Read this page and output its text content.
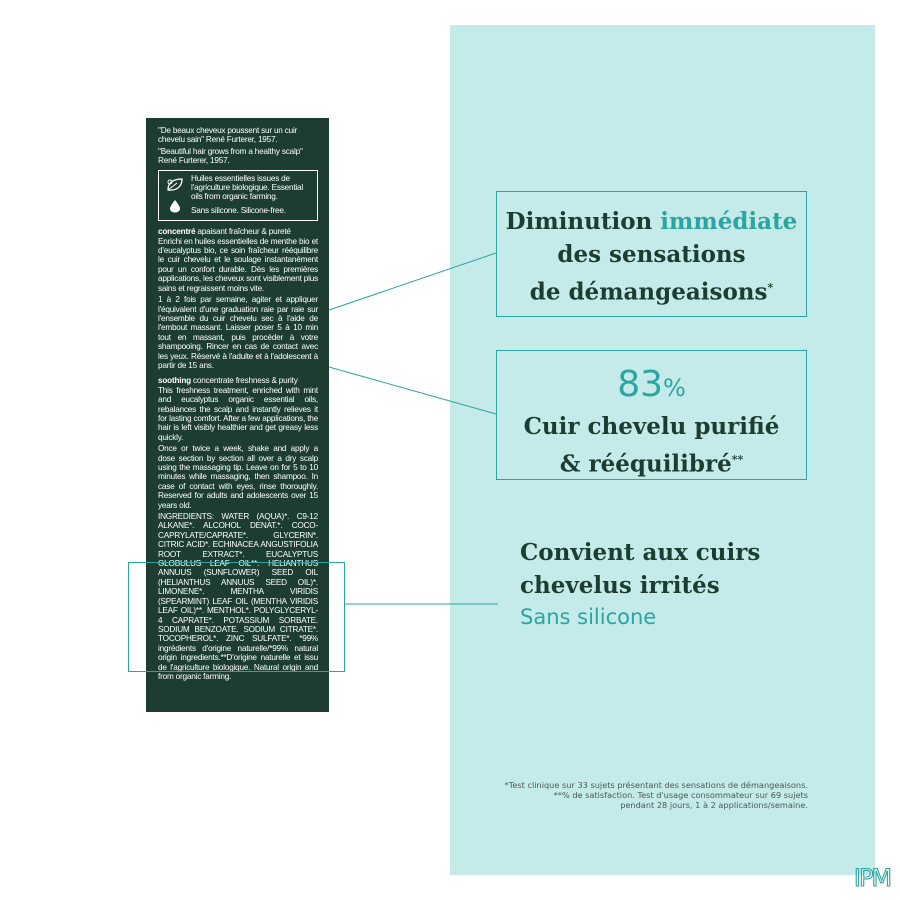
"De beaux cheveux poussent sur un cuir chevelu sain" René Furterer, 1957.

"Beautiful hair grows from a healthy scalp" René Furterer, 1957.

Huiles essentielles issues de l'agriculture biologique. Essential oils from organic farming.

Sans silicone. Silicone-free.

concentré apaisant fraîcheur & pureté
Enrichi en huiles essentielles de menthe bio et d'eucalyptus bio, ce soin fraîcheur rééquilibre le cuir chevelu et le soulage instantanément pour un confort durable. Dès les premières applications, les cheveux sont visiblement plus sains et regraissent moins vite.

1 à 2 fois par semaine, agiter et appliquer l'équivalent d'une graduation raie par raie sur l'ensemble du cuir chevelu sec à l'aide de l'embout massant. Laisser poser 5 à 10 min tout en massant, puis procéder à votre shampooing. Rincer en cas de contact avec les yeux. Réservé à l'adulte et à l'adolescent à partir de 15 ans.

soothing concentrate freshness & purity
This freshness treatment, enriched with mint and eucalyptus organic essential oils, rebalances the scalp and instantly relieves it for lasting comfort. After a few applications, the hair is left visibly healthier and get greasy less quickly.

Once or twice a week, shake and apply a dose section by section all over a dry scalp using the massaging tip. Leave on for 5 to 10 minutes while massaging, then shampoo. In case of contact with eyes, rinse thoroughly. Reserved for adults and adolescents over 15 years old.

INGREDIENTS: WATER (AQUA)*. C9-12 ALKANE*. ALCOHOL DENAT.*. COCO-CAPRYLATE/CAPRATE*. GLYCERIN*. CITRIC ACID*. ECHINACEA ANGUSTIFOLIA ROOT EXTRACT*. EUCALYPTUS GLOBULUS LEAF OIL**. HELIANTHUS ANNUUS (SUNFLOWER) SEED OIL (HELIANTHUS ANNUUS SEED OIL)*. LIMONENE*. MENTHA VIRIDIS (SPEARMINT) LEAF OIL (MENTHA VIRIDIS LEAF OIL)**. MENTHOL*. POLYGLYCERYL-4 CAPRATE*. POTASSIUM SORBATE. SODIUM BENZOATE. SODIUM CITRATE*. TOCOPHEROL*. ZINC SULFATE*. *99% ingrédients d'origine naturelle/*99% natural origin ingredients.**D'origine naturelle et issu de l'agriculture biologique. Natural origin and from organic farming.

Diminution immédiate
des sensations
de démangeaisons*
83%
Cuir chevelu purifié
& rééquilibré**
Convient aux cuirs
chevelus irrités
Sans silicone
*Test clinique sur 33 sujets présentant des sensations de démangeaisons.
**% de satisfaction. Test d'usage consommateur sur 69 sujets
pendant 28 jours, 1 à 2 applications/semaine.
IPM
